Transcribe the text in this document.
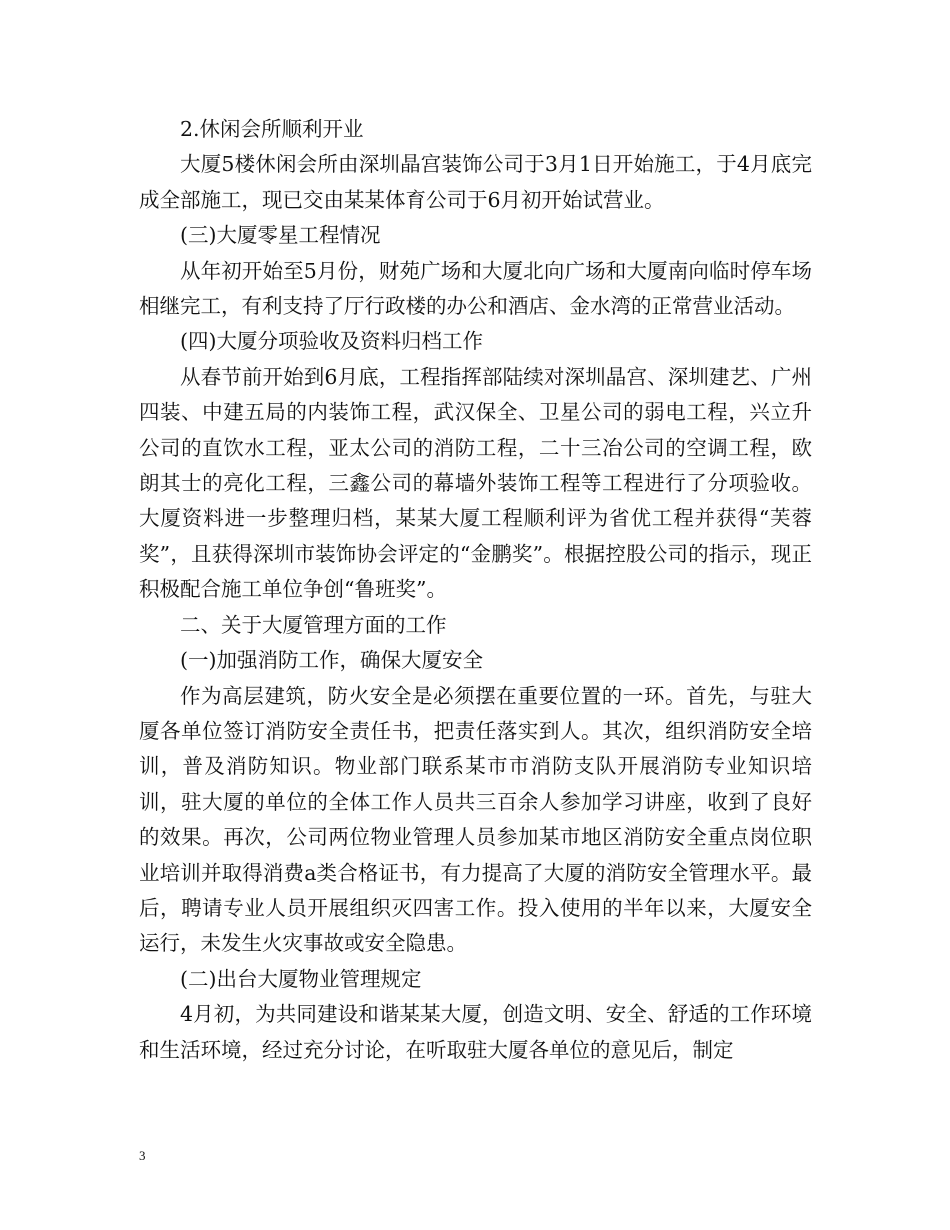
2.休闲会所顺利开业

大厦5楼休闲会所由深圳晶宫装饰公司于3月1日开始施工，于4月底完成全部施工，现已交由某某体育公司于6月初开始试营业。

(三)大厦零星工程情况

从年初开始至5月份，财苑广场和大厦北向广场和大厦南向临时停车场相继完工，有利支持了厅行政楼的办公和酒店、金水湾的正常营业活动。

(四)大厦分项验收及资料归档工作

从春节前开始到6月底，工程指挥部陆续对深圳晶宫、深圳建艺、广州四装、中建五局的内装饰工程，武汉保全、卫星公司的弱电工程，兴立升公司的直饮水工程，亚太公司的消防工程，二十三冶公司的空调工程，欧朗其士的亮化工程，三鑫公司的幕墙外装饰工程等工程进行了分项验收。大厦资料进一步整理归档，某某大厦工程顺利评为省优工程并获得“芙蓉奖”，且获得深圳市装饰协会评定的“金鹏奖”。根据控股公司的指示，现正积极配合施工单位争创“鲁班奖”。

二、关于大厦管理方面的工作

(一)加强消防工作，确保大厦安全

作为高层建筑，防火安全是必须摆在重要位置的一环。首先，与驻大厦各单位签订消防安全责任书，把责任落实到人。其次，组织消防安全培训，普及消防知识。物业部门联系某市市消防支队开展消防专业知识培训，驻大厦的单位的全体工作人员共三百余人参加学习讲座，收到了良好的效果。再次，公司两位物业管理人员参加某市地区消防安全重点岗位职业培训并取得消费a类合格证书，有力提高了大厦的消防安全管理水平。最后，聘请专业人员开展组织灭四害工作。投入使用的半年以来，大厦安全运行，未发生火灾事故或安全隐患。

(二)出台大厦物业管理规定

4月初，为共同建设和谐某某大厦，创造文明、安全、舒适的工作环境和生活环境，经过充分讨论，在听取驻大厦各单位的意见后，制定

3
